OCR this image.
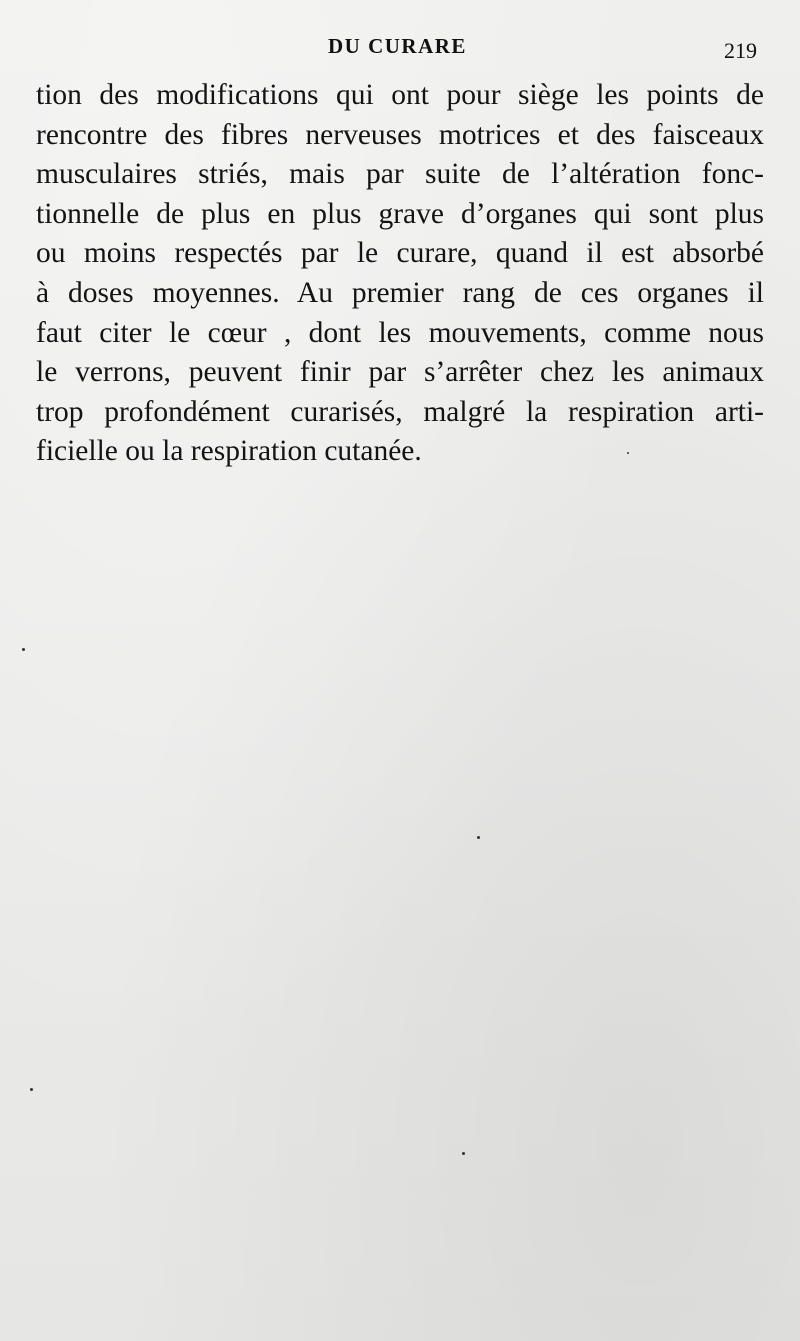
DU CURARE	219
tion des modifications qui ont pour siège les points de
rencontre des fibres nerveuses motrices et des faisceaux
musculaires striés, mais par suite de l’altération fonc-
tionnelle de plus en plus grave d’organes qui sont plus
ou moins respectés par le curare, quand il est absorbé
à doses moyennes. Au premier rang de ces organes il
faut citer le cœur , dont les mouvements, comme nous
le verrons, peuvent finir par s’arrêter chez les animaux
trop profondément curarisés, malgré la respiration arti-
ficielle ou la respiration cutanée.
